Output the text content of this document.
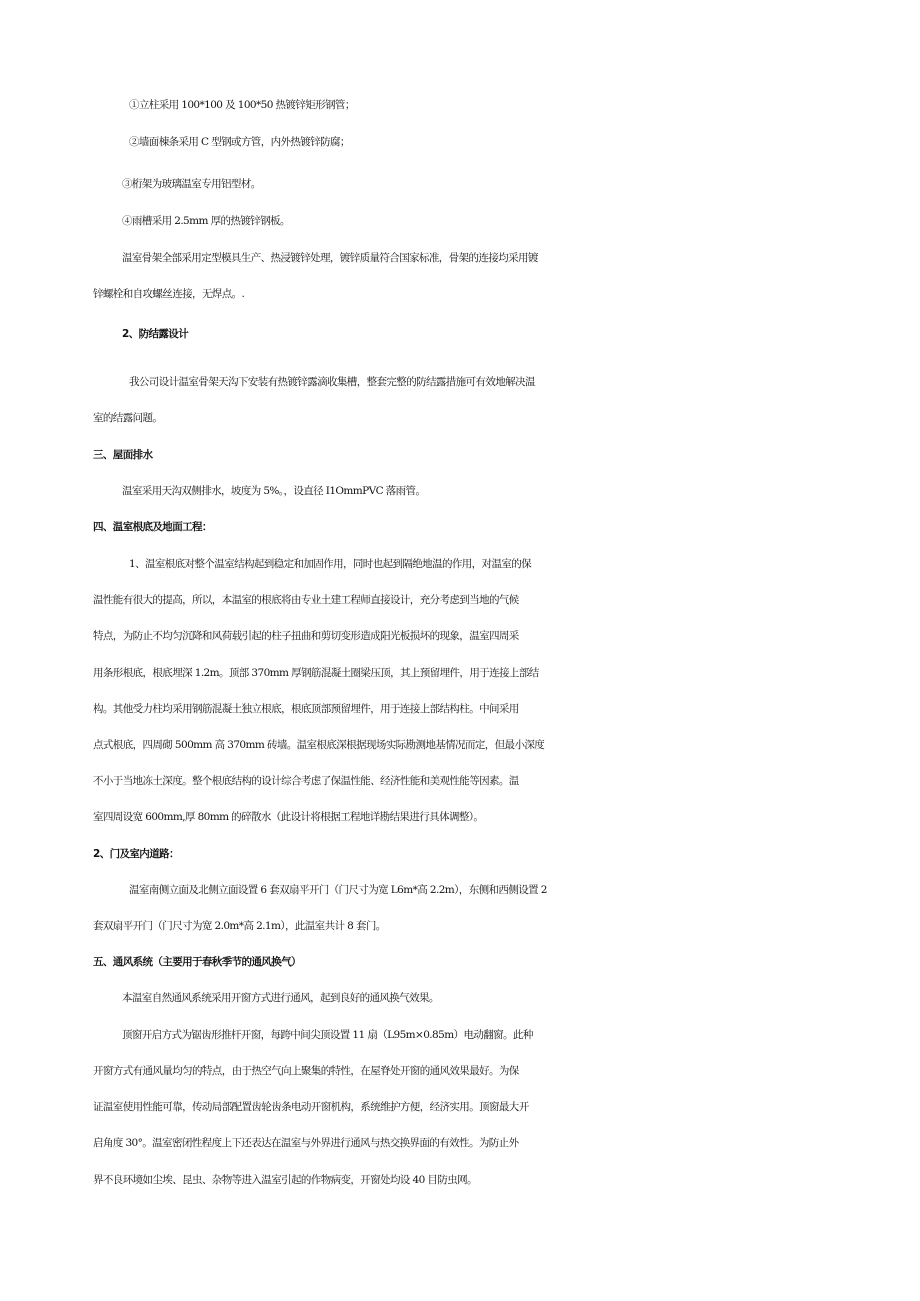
①立柱采用 100*100 及 100*50 热镀锌矩形钢管；
②墙面棟条采用 C 型钢或方管，内外热镀锌防腐；
③桁架为玻璃温室专用铝型材。
④雨槽采用 2.5mm 厚的热镀锌钢板。
温室骨架全部采用定型模具生产、热浸镀锌处理，镀锌质量符合国家标准，骨架的连接均采用镀
锌螺栓和自攻螺丝连接，无焊点。.
2、防结露设计
我公司设计温室骨架天沟下安装有热镀锌露滴收集槽，整套完整的防结露措施可有效地解决温
室的结露问题。
三、屋面排水
温室采用天沟双侧排水，坡度为 5%。，设直径 I1OmmPVC 落雨管。
四、温室根底及地面工程：
1、温室根底对整个温室结构起到稳定和加固作用，同时也起到隔绝地温的作用，对温室的保
温性能有很大的提高，所以，本温室的根底将由专业土建工程师直接设计，充分考虑到当地的气候
特点，为防止不均匀沉降和风荷载引起的柱子扭曲和剪切变形造成阳光板损坏的现象，温室四周采
用条形根底，根底埋深 1.2m。顶部 370mm 厚钢筋混凝土圈梁压顶，其上预留埋件，用于连接上部结
构。其他受力柱均采用钢筋混凝土独立根底，根底顶部预留埋件，用于连接上部结构柱。中间采用
点式根底，四周砌 500mm 高 370mm 砖墙。温室根底深根据现场实际勘测地基情况而定，但最小深度
不小于当地冻土深度。整个根底结构的设计综合考虑了保温性能、经济性能和美观性能等因素。温
室四周设宽 600mm,厚 80mm 的碎散水（此设计将根据工程地详勘结果进行具体调整）。
2、门及室内道路：
温室南侧立面及北侧立面设置 6 套双扇平开门（门尺寸为宽 L6m*高 2.2m），东侧和西侧设置 2
套双扇平开门（门尺寸为宽 2.0m*高 2.1m），此温室共计 8 套门。
五、通风系统（主要用于春秋季节的通风换气）
本温室自然通风系统采用开窗方式进行通风，起到良好的通风换气效果。
顶窗开启方式为锯齿形推杆开窗，每跨中间尖顶设置 11 扇（L95m×0.85m）电动翻窗。此种
开窗方式有通风量均匀的特点，由于热空气向上聚集的特性，在屋脊处开窗的通风效果最好。为保
证温室使用性能可靠，传动局部配置齿轮齿条电动开窗机构，系统维护方便，经济实用。顶窗最大开
启角度 30°。温室密闭性程度上下还表达在温室与外界进行通风与热交换界面的有效性。为防止外
界不良环境如尘埃、昆虫、杂物等进入温室引起的作物病变，开窗处均设 40 目防虫网。
